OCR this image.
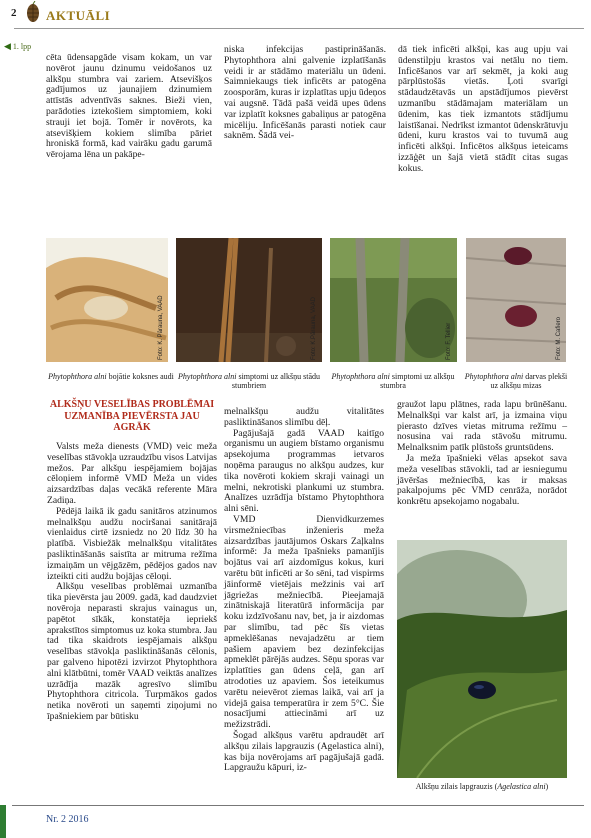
2 AKTUĀLI
◀ 1. lpp

cēta ūdensapgāde visam kokam, un var novērot jaunu dzinumu veidošanos uz alkšņu stumbra vai zariem. Atsevišķos gadījumos uz jaunajiem dzinumiem attīstās adventīvās saknes. Bieži vien, parādoties iztekošiem simptomiem, koki strauji iet bojā. Tomēr ir novērots, ka atsevišķiem kokiem slimība pāriet hroniskā formā, kad vairāku gadu garumā vērojama lēna un pakāpe-

niska infekcijas pastiprināšanās. Phytophthora alni galvenie izplatīšanās veidi ir ar stādāmo materiālu un ūdeni. Saimniekaugs tiek inficēts ar patogēna zoosporām, kuras ir izplatītas upju ūdeņos vai augsnē. Tādā pašā veidā upes ūdens var izplatīt koksnes gabaliņus ar patogēna micēliju. Inficēšanās parasti notiek caur saknēm. Šādā vei-

dā tiek inficēti alkšņi, kas aug upju vai ūdenstilpju krastos vai netālu no tiem. Inficēšanos var arī sekmēt, ja koki aug pārplūstošās vietās. Ļoti svarīgi stādaudzētavās un apstādījumos pievērst uzmanību stādāmajam materiālam un ūdenim, kas tiek izmantots stādījumu laistīšanai. Nedrīkst izmantot ūdenskrātuvju ūdeni, kuru krastos vai to tuvumā aug inficēti alkšņi. Inficētos alkšņus ieteicams izzāģēt un šajā vietā stādīt citas sugas kokus.

Foto: K. Pārauna, VAAD
Phytophthora alni bojātie koksnes audi
Foto: K.Pārauna, VAAD
Phytophthora alni simptomi uz alkšņu stādu stumbriem
Foto: F. Tellier
Phytophthora alni simptomi uz alkšņu stumbra
Foto: M. Cafiero
Phytophthora alni darvas plekši uz alkšņu mizas
ALKŠŅU VESELĪBAS PROBLĒMAI UZMANĪBA PIEVĒRSTA JAU AGRĀK

Valsts meža dienests (VMD) veic meža veselības stāvokļa uzraudzību visos Latvijas mežos. Par alkšņu iespējamiem bojājas cēloņiem informē VMD Meža un vides aizsardzības daļas vecākā referente Māra Zadiņa.

Pēdējā laikā ik gadu sanitāros atzinumos melnalkšņu audžu nociršanai sanitārajā vienlaidus cirtē izsniedz no 20 līdz 30 ha platībā. Visbiežāk melnalkšņu vitalitātes pasliktināšanās saistīta ar mitruma režīma izmaiņām un vējgāzēm, pēdējos gados nav izteikti citi audžu bojājas cēloņi.

Alkšņu veselības problēmai uzmanība tika pievērsta jau 2009. gadā, kad daudzviet novēroja neparasti skrajus vainagus un, papētot sīkāk, konstatēja iepriekš aprakstītos simptomus uz koka stumbra. Jau tad tika skaidrots iespējamais alkšņu veselības stāvokļa pasliktināšanās cēlonis, par galveno hipotēzi izvirzot Phytophthora alni klātbūtni, tomēr VAAD veiktās analīzes uzrādīja mazāk agresīvo slimību Phytophthora citricola. Turpmākos gados netika novēroti un saņemti ziņojumi no īpašniekiem par būtisku

melnalkšņu audžu vitalitātes pasliktināšanos slimību dēļ.

Pagājušajā gadā VAAD kaitīgo organismu un augiem bīstamo organismu apsekojuma programmas ietvaros noņēma paraugus no alkšņu audzes, kur tika novēroti kokiem skraji vainagi un melni, nekrotiski plankumi uz stumbra. Analīzes uzrādīja bīstamo Phytophthora alni sēni.

VMD Dienvidkurzemes virsmežniecības inženieris meža aizsardzības jautājumos Oskars Zaļkalns informē: Ja meža īpašnieks pamanījis bojātus vai arī aizdomīgus kokus, kuri varētu būt inficēti ar šo sēni, tad vispirms jāinformē vietējais mežzinis vai arī jāgriežas mežniecībā. Pieejamajā zinātniskajā literatūrā informācija par koku izdzīvošanu nav, bet, ja ir aizdomas par slimību, tad pēc šīs vietas apmeklēšanas nevajadzētu ar tiem pašiem apaviem bez dezinfekcijas apmeklēt pārējās audzes. Sēņu sporas var izplatīties gan ūdens ceļā, gan arī atrodoties uz apaviem. Šos ieteikumus varētu neievērot ziemas laikā, vai arī ja videjā gaisa temperatūra ir zem 5°C. Šie nosacījumi attiecināmi arī uz mežizstrādi.

Šogad alkšņus varētu apdraudēt arī alkšņu zilais lapgrauzis (Agelastica alni), kas bija novērojams arī pagājušajā gadā. Lapgraužu kāpuri, iz-

graužot lapu plātnes, rada lapu brūnēšanu. Melnalkšņi var kalst arī, ja izmaina viņu pierasto dzīves vietas mitruma režīmu – nosusina vai rada stāvošu mitrumu. Melnalksnim patīk plūstošs gruntsūdens.

Ja meža īpašnieki vēlas apsekot sava meža veselības stāvokli, tad ar iesniegumu jāvēršas mežniecībā, kas ir maksas pakalpojums pēc VMD cenrāža, norādot konkrētu apsekojamo nogabalu.

Alkšņu zilais lapgrauzis (Agelastica alni)
Nr. 2 2016
